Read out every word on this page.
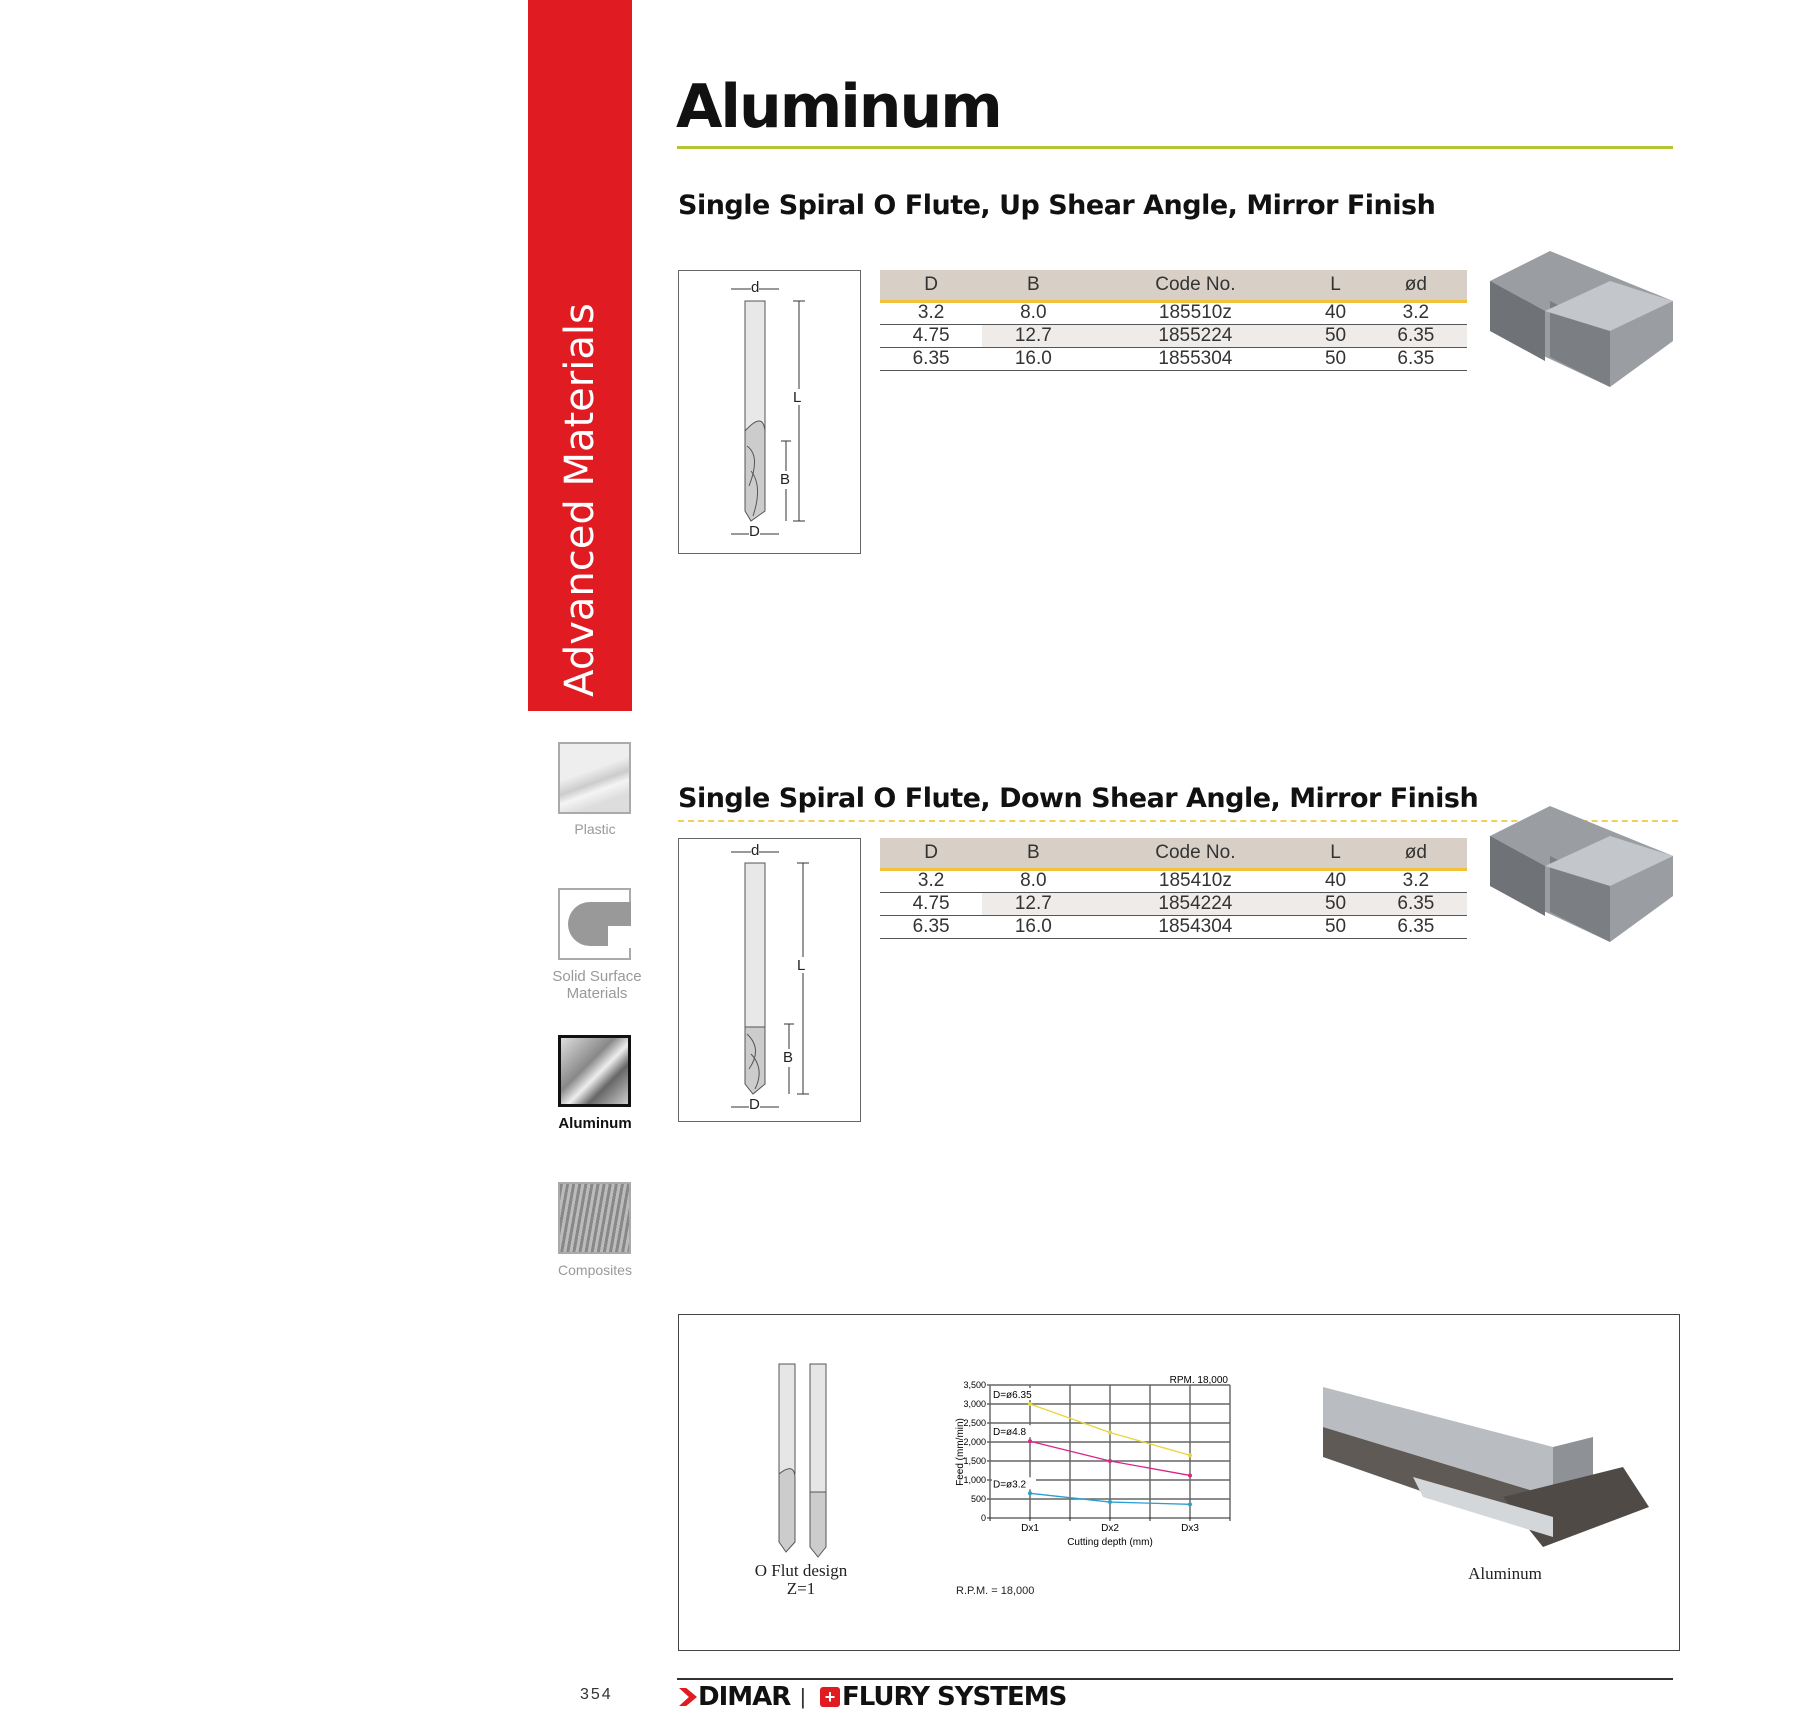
Advanced Materials
Plastic
Solid Surface Materials
Aluminum
Composites
Aluminum
Single Spiral O Flute, Up Shear Angle, Mirror Finish
d
L
B
D
D	B	Code No.	L	ød
3.2	8.0	185510z	40	3.2
4.75	12.7	1855224	50	6.35
6.35	16.0	1855304	50	6.35
Single Spiral O Flute, Down Shear Angle, Mirror Finish
d
L
B
D
D	B	Code No.	L	ød
3.2	8.0	185410z	40	3.2
4.75	12.7	1854224	50	6.35
6.35	16.0	1854304	50	6.35
O Flut design
Z=1
0
500
1,000
1,500
2,000
2,500
3,000
3,500
Dx1	Dx2	Dx3
Cutting depth (mm)
Feed (mm/min)
RPM. 18,000
D=ø6.35
D=ø4.8
D=ø3.2
R.P.M. = 18,000
Aluminum
354	DIMAR | + FLURY SYSTEMS
